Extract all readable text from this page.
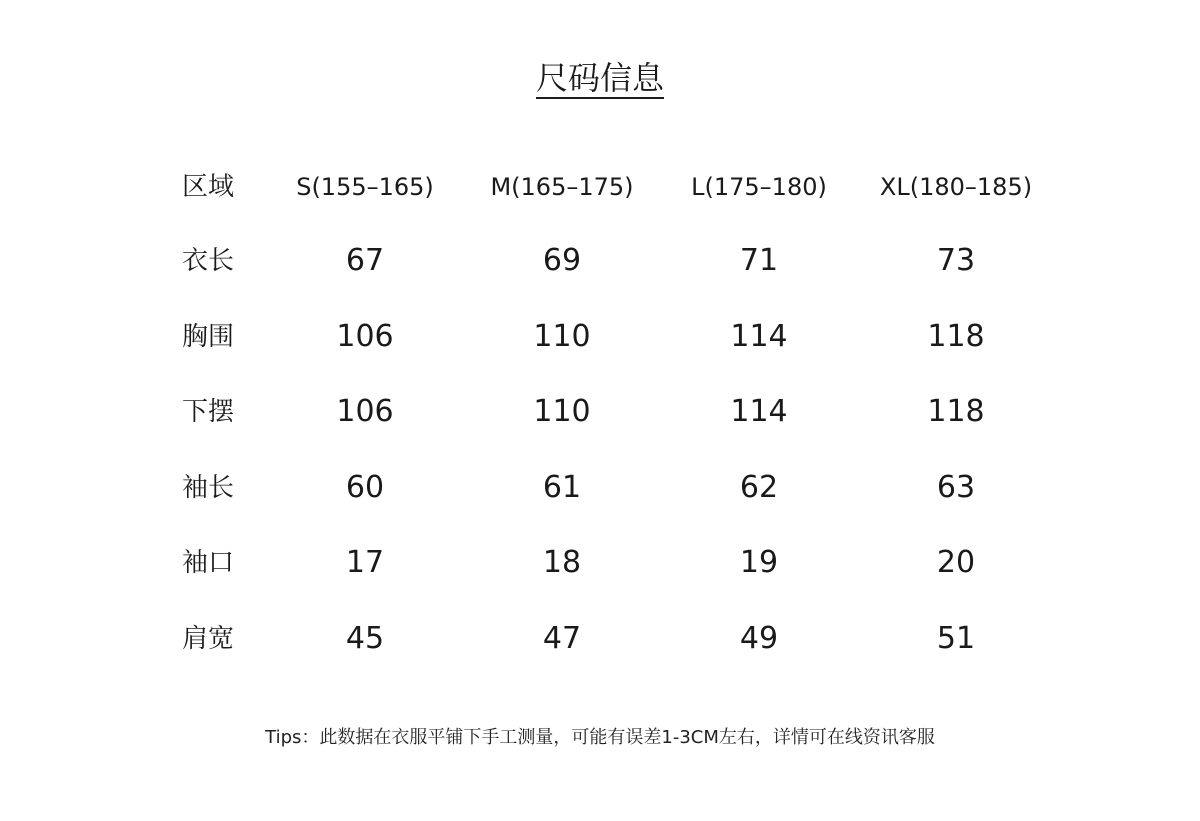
尺码信息
区域	S(155–165)	M(165–175)	L(175–180)	XL(180–185)
衣长	67	69	71	73
胸围	106	110	114	118
下摆	106	110	114	118
袖长	60	61	62	63
袖口	17	18	19	20
肩宽	45	47	49	51
Tips：此数据在衣服平铺下手工测量，可能有误差1-3CM左右，详情可在线资讯客服
